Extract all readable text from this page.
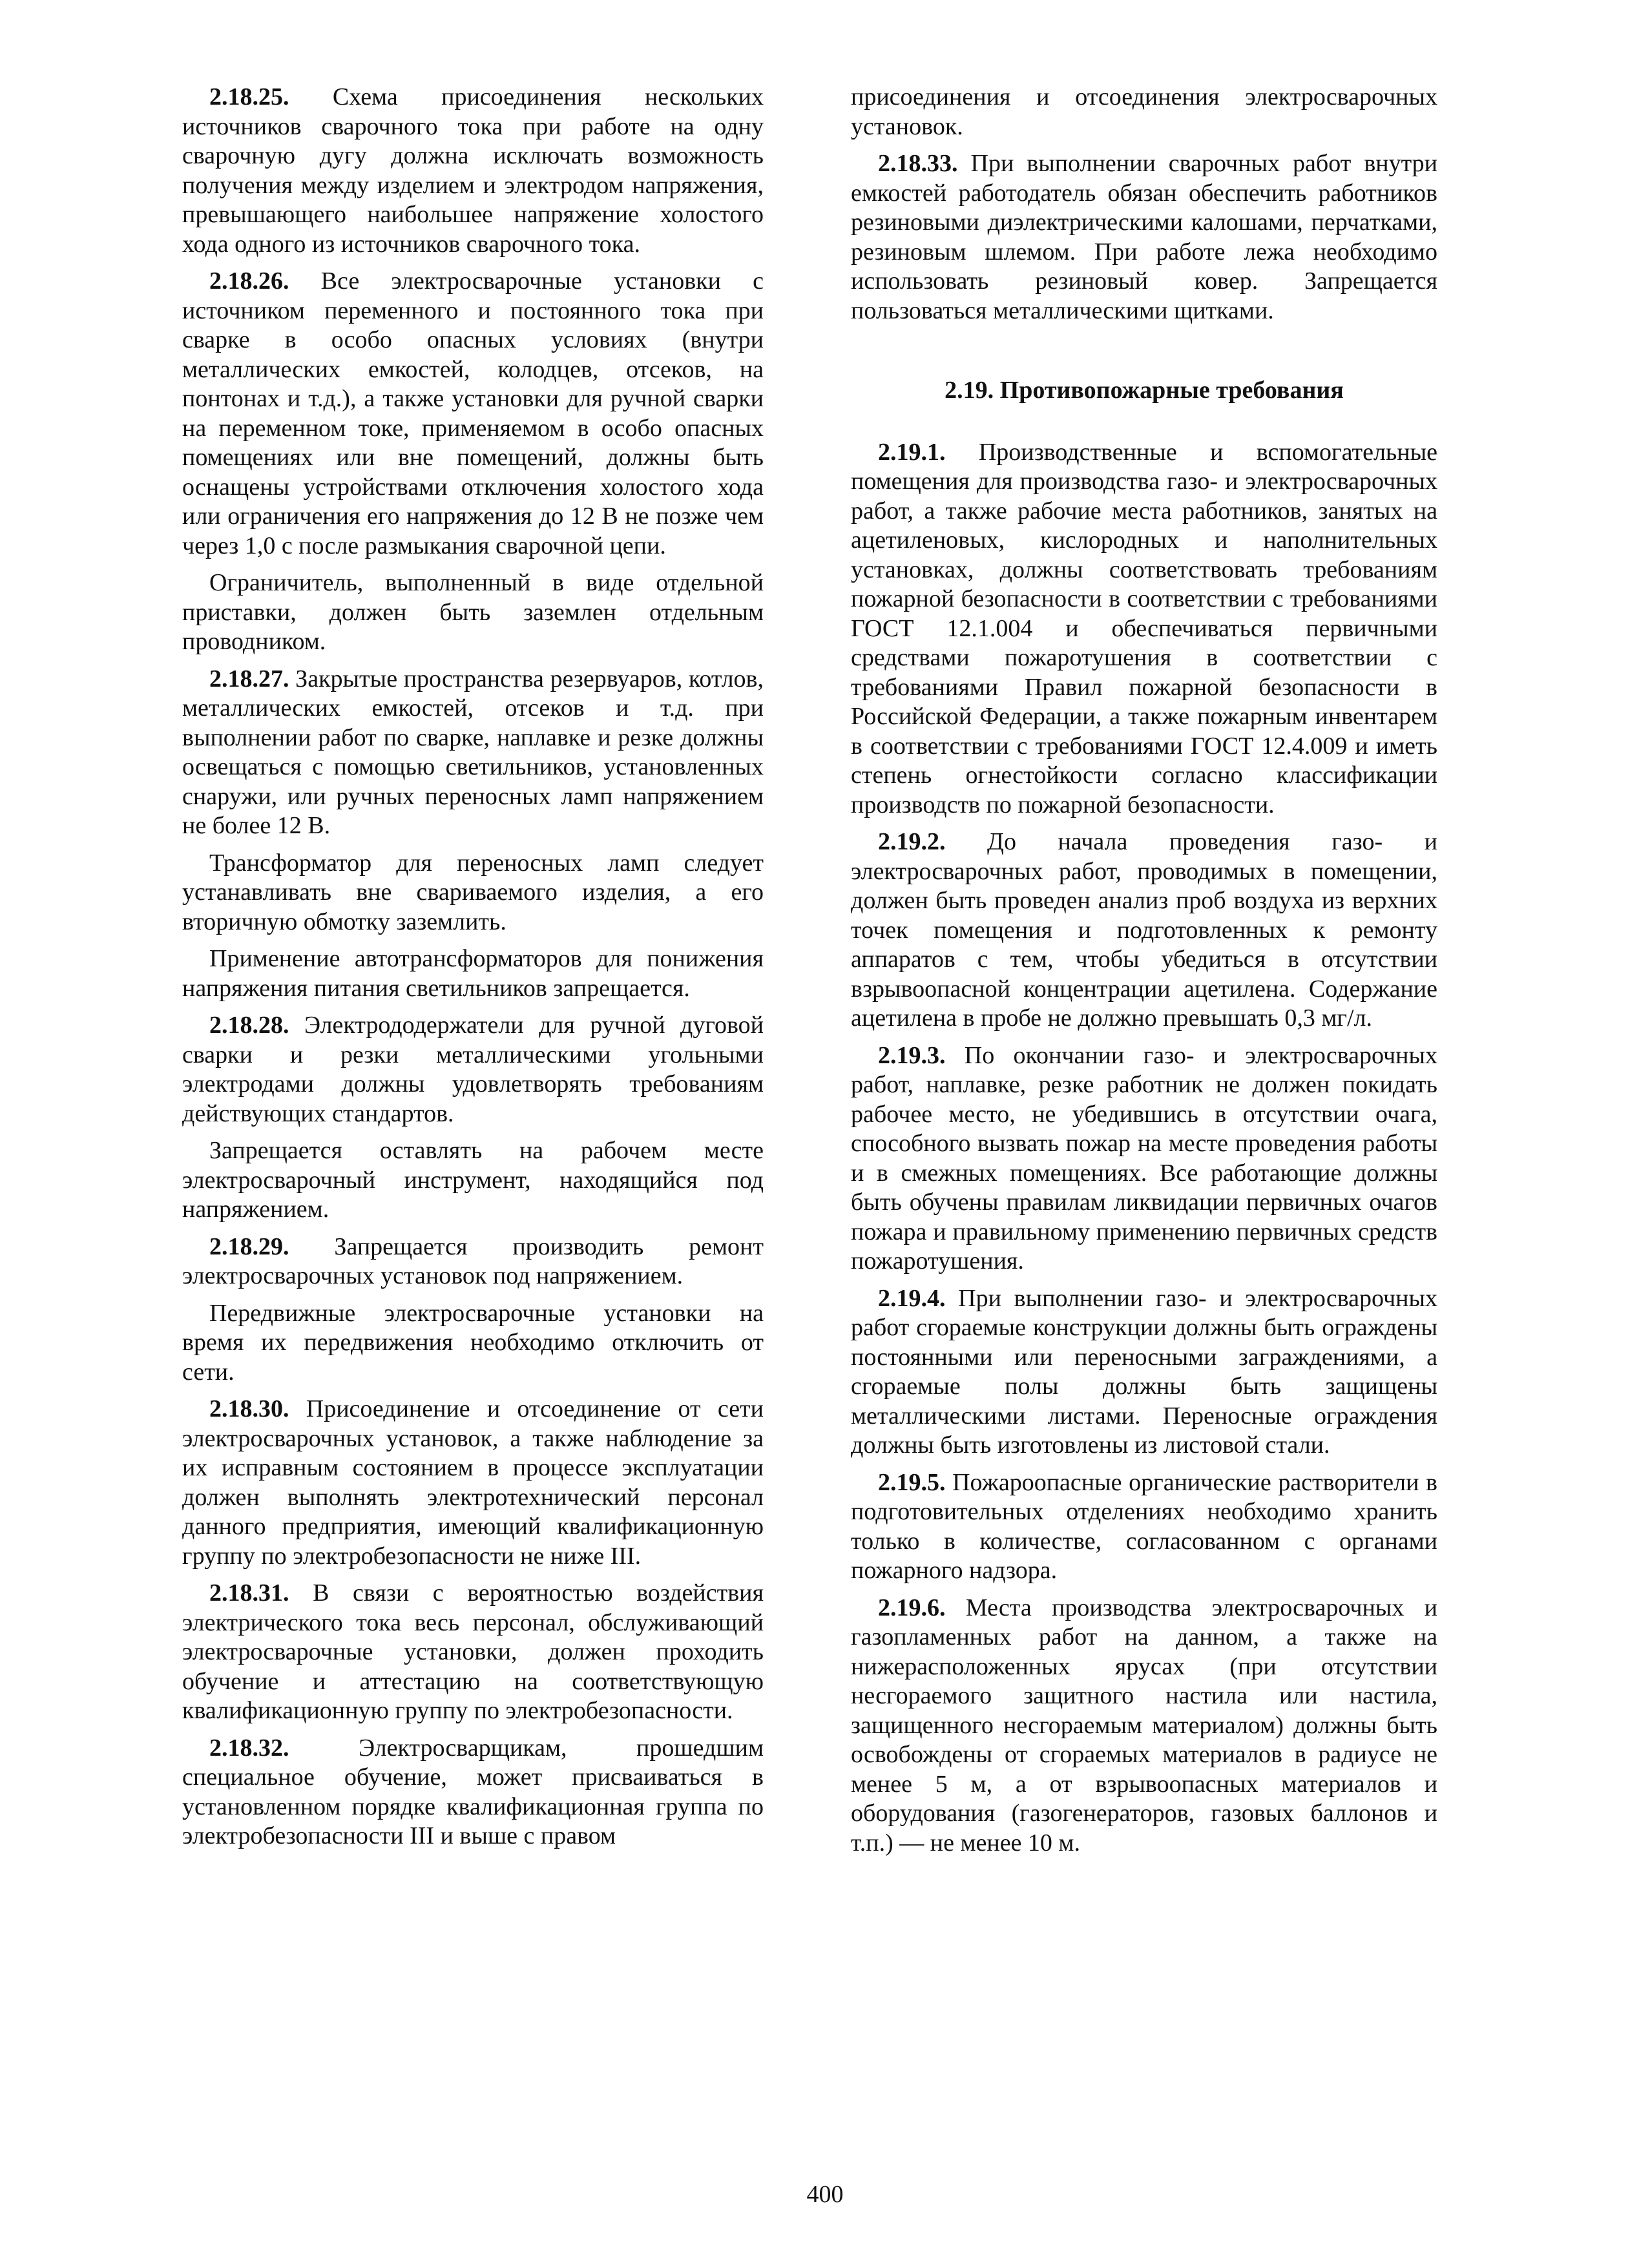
2.18.25. Схема присоединения нескольких источников сварочного тока при работе на одну сварочную дугу должна исключать возможность получения между изделием и электродом напряжения, превышающего наибольшее напряжение холостого хода одного из источников сварочного тока.

2.18.26. Все электросварочные установки с источником переменного и постоянного тока при сварке в особо опасных условиях (внутри металлических емкостей, колодцев, отсеков, на понтонах и т.д.), а также установки для ручной сварки на переменном токе, применяемом в особо опасных помещениях или вне помещений, должны быть оснащены устройствами отключения холостого хода или ограничения его напряжения до 12 В не позже чем через 1,0 с после размыкания сварочной цепи.

Ограничитель, выполненный в виде отдельной приставки, должен быть заземлен отдельным проводником.

2.18.27. Закрытые пространства резервуаров, котлов, металлических емкостей, отсеков и т.д. при выполнении работ по сварке, наплавке и резке должны освещаться с помощью светильников, установленных снаружи, или ручных переносных ламп напряжением не более 12 В.

Трансформатор для переносных ламп следует устанавливать вне свариваемого изделия, а его вторичную обмотку заземлить.

Применение автотрансформаторов для понижения напряжения питания светильников запрещается.

2.18.28. Электрододержатели для ручной дуговой сварки и резки металлическими угольными электродами должны удовлетворять требованиям действующих стандартов.

Запрещается оставлять на рабочем месте электросварочный инструмент, находящийся под напряжением.

2.18.29. Запрещается производить ремонт электросварочных установок под напряжением.

Передвижные электросварочные установки на время их передвижения необходимо отключить от сети.

2.18.30. Присоединение и отсоединение от сети электросварочных установок, а также наблюдение за их исправным состоянием в процессе эксплуатации должен выполнять электротехнический персонал данного предприятия, имеющий квалификационную группу по электробезопасности не ниже III.

2.18.31. В связи с вероятностью воздействия электрического тока весь персонал, обслуживающий электросварочные установки, должен проходить обучение и аттестацию на соответствующую квалификационную группу по электробезопасности.

2.18.32. Электросварщикам, прошедшим специальное обучение, может присваиваться в установленном порядке квалификационная группа по электробезопасности III и выше с правом

присоединения и отсоединения электросварочных установок.

2.18.33. При выполнении сварочных работ внутри емкостей работодатель обязан обеспечить работников резиновыми диэлектрическими калошами, перчатками, резиновым шлемом. При работе лежа необходимо использовать резиновый ковер. Запрещается пользоваться металлическими щитками.

2.19. Противопожарные требования

2.19.1. Производственные и вспомогательные помещения для производства газо- и электросварочных работ, а также рабочие места работников, занятых на ацетиленовых, кислородных и наполнительных установках, должны соответствовать требованиям пожарной безопасности в соответствии с требованиями ГОСТ 12.1.004 и обеспечиваться первичными средствами пожаротушения в соответствии с требованиями Правил пожарной безопасности в Российской Федерации, а также пожарным инвентарем в соответствии с требованиями ГОСТ 12.4.009 и иметь степень огнестойкости согласно классификации производств по пожарной безопасности.

2.19.2. До начала проведения газо- и электросварочных работ, проводимых в помещении, должен быть проведен анализ проб воздуха из верхних точек помещения и подготовленных к ремонту аппаратов с тем, чтобы убедиться в отсутствии взрывоопасной концентрации ацетилена. Содержание ацетилена в пробе не должно превышать 0,3 мг/л.

2.19.3. По окончании газо- и электросварочных работ, наплавке, резке работник не должен покидать рабочее место, не убедившись в отсутствии очага, способного вызвать пожар на месте проведения работы и в смежных помещениях. Все работающие должны быть обучены правилам ликвидации первичных очагов пожара и правильному применению первичных средств пожаротушения.

2.19.4. При выполнении газо- и электросварочных работ сгораемые конструкции должны быть ограждены постоянными или переносными заграждениями, а сгораемые полы должны быть защищены металлическими листами. Переносные ограждения должны быть изготовлены из листовой стали.

2.19.5. Пожароопасные органические растворители в подготовительных отделениях необходимо хранить только в количестве, согласованном с органами пожарного надзора.

2.19.6. Места производства электросварочных и газопламенных работ на данном, а также на нижерасположенных ярусах (при отсутствии несгораемого защитного настила или настила, защищенного несгораемым материалом) должны быть освобождены от сгораемых материалов в радиусе не менее 5 м, а от взрывоопасных материалов и оборудования (газогенераторов, газовых баллонов и т.п.) — не менее 10 м.

400
